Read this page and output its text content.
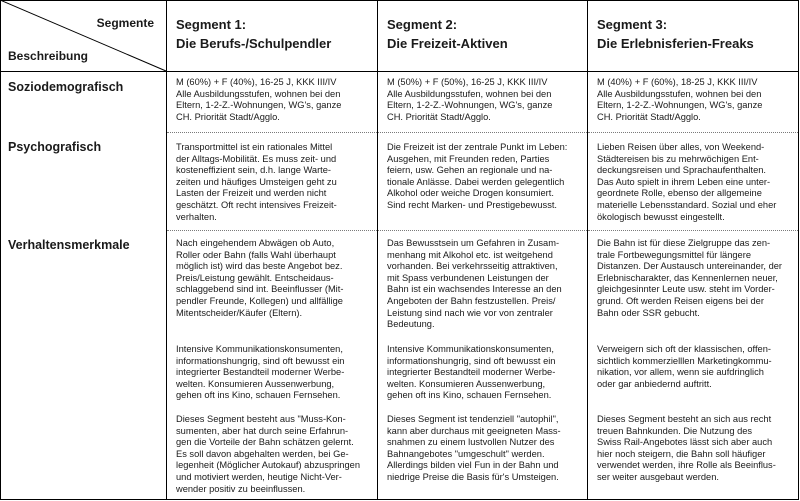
Segmente
Beschreibung
Segment 1:
Die Berufs-/Schulpendler
Segment 2:
Die Freizeit-Aktiven
Segment 3:
Die Erlebnisferien-Freaks
Soziodemografisch
Psychografisch
Verhaltensmerkmale
M (60%) + F (40%), 16-25 J, KKK III/IV
Alle Ausbildungsstufen, wohnen bei den
Eltern, 1-2-Z.-Wohnungen, WG's, ganze
CH. Priorität Stadt/Agglo.
M (50%) + F (50%), 16-25 J, KKK III/IV
Alle Ausbildungsstufen, wohnen bei den
Eltern, 1-2-Z.-Wohnungen, WG's, ganze
CH. Priorität Stadt/Agglo.
M (40%) + F (60%), 18-25 J, KKK III/IV
Alle Ausbildungsstufen, wohnen bei den
Eltern, 1-2-Z.-Wohnungen, WG's, ganze
CH. Priorität Stadt/Agglo.
Transportmittel ist ein rationales Mittel
der Alltags-Mobilität. Es muss zeit- und
kosteneffizient sein, d.h. lange Warte-
zeiten und häufiges Umsteigen geht zu
Lasten der Freizeit und werden nicht
geschätzt. Oft recht intensives Freizeit-
verhalten.
Die Freizeit ist der zentrale Punkt im Leben:
Ausgehen, mit Freunden reden, Parties
feiern, usw. Gehen an regionale und na-
tionale Anlässe. Dabei werden gelegentlich
Alkohol oder weiche Drogen konsumiert.
Sind recht Marken- und Prestigebewusst.
Lieben Reisen über alles, von Weekend-
Städtereisen bis zu mehrwöchigen Ent-
deckungsreisen und Sprachaufenthalten.
Das Auto spielt in ihrem Leben eine unter-
geordnete Rolle, ebenso der allgemeine
materielle Lebensstandard. Sozial und eher
ökologisch bewusst eingestellt.
Nach eingehendem Abwägen ob Auto,
Roller oder Bahn (falls Wahl überhaupt
möglich ist) wird das beste Angebot bez.
Preis/Leistung gewählt. Entscheidaus-
schlaggebend sind int. Beeinflusser (Mit-
pendler Freunde, Kollegen) und allfällige
Mitentscheider/Käufer (Eltern).
Das Bewusstsein um Gefahren in Zusam-
menhang mit Alkohol etc. ist weitgehend
vorhanden. Bei verkehrsseitig attraktiven,
mit Spass verbundenen Leistungen der
Bahn ist ein wachsendes Interesse an den
Angeboten der Bahn festzustellen. Preis/
Leistung sind nach wie vor von zentraler
Bedeutung.
Die Bahn ist für diese Zielgruppe das zen-
trale Fortbewegungsmittel für längere
Distanzen. Der Austausch untereinander, der
Erlebnischarakter, das Kennenlernen neuer,
gleichgesinnter Leute usw. steht im Vorder-
grund. Oft werden Reisen eigens bei der
Bahn oder SSR gebucht.
Intensive Kommunikationskonsumenten,
informationshungrig, sind oft bewusst ein
integrierter Bestandteil moderner Werbe-
welten. Konsumieren Aussenwerbung,
gehen oft ins Kino, schauen Fernsehen.
Intensive Kommunikationskonsumenten,
informationshungrig, sind oft bewusst ein
integrierter Bestandteil moderner Werbe-
welten. Konsumieren Aussenwerbung,
gehen oft ins Kino, schauen Fernsehen.
Verweigern sich oft der klassischen, offen-
sichtlich kommerzielllen Marketingkommu-
nikation, vor allem, wenn sie aufdringlich
oder gar anbiedernd auftritt.
Dieses Segment besteht aus "Muss-Kon-
sumenten, aber hat durch seine Erfahrun-
gen die Vorteile der Bahn schätzen gelernt.
Es soll davon abgehalten werden, bei Ge-
legenheit (Möglicher Autokauf) abzuspringen
und motiviert werden, heutige Nicht-Ver-
wender positiv zu beeinflussen.
Dieses Segment ist tendenziell "autophil",
kann aber durchaus mit geeigneten Mass-
snahmen zu einem lustvollen Nutzer des
Bahnangebotes "umgeschult" werden.
Allerdings bilden viel Fun in der Bahn und
niedrige Preise die Basis für's Umsteigen.
Dieses Segment besteht an sich aus recht
treuen Bahnkunden. Die Nutzung des
Swiss Rail-Angebotes lässt sich aber auch
hier noch steigern, die Bahn soll häufiger
verwendet werden, ihre Rolle als Beeinflus-
ser weiter ausgebaut werden.
